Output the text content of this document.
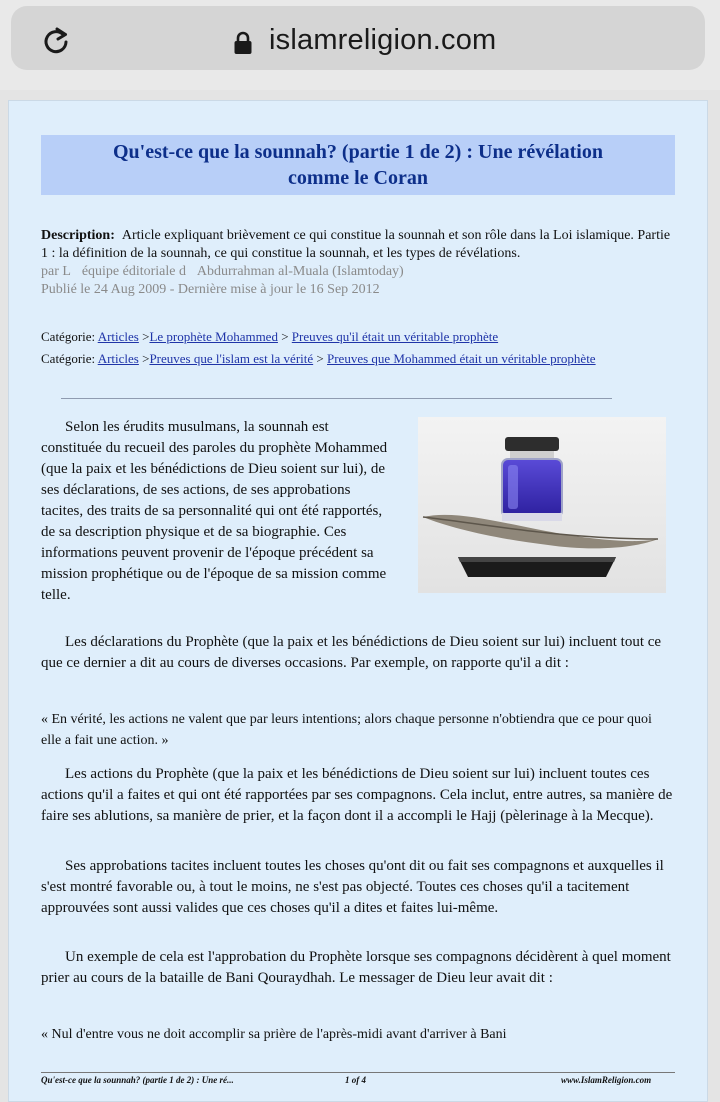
islamreligion.com
Qu'est-ce que la sounnah? (partie 1 de 2) : Une révélation
comme le Coran
Description: Article expliquant brièvement ce qui constitue la sounnah et son rôle dans la Loi islamique. Partie 1 : la définition de la sounnah, ce qui constitue la sounnah, et les types de révélations.
par L équipe éditoriale d Abdurrahman al-Muala (Islamtoday)
Publié le 24 Aug 2009 - Dernière mise à jour le 16 Sep 2012
Catégorie: Articles >Le prophète Mohammed > Preuves qu'il était un véritable prophète
Catégorie: Articles >Preuves que l'islam est la vérité > Preuves que Mohammed était un véritable prophète
Selon les érudits musulmans, la sounnah est constituée du recueil des paroles du prophète Mohammed (que la paix et les bénédictions de Dieu soient sur lui), de ses déclarations, de ses actions, de ses approbations tacites, des traits de sa personnalité qui ont été rapportés, de sa description physique et de sa biographie. Ces informations peuvent provenir de l'époque précédent sa mission prophétique ou de l'époque de sa mission comme telle.
Les déclarations du Prophète (que la paix et les bénédictions de Dieu soient sur lui) incluent tout ce que ce dernier a dit au cours de diverses occasions. Par exemple, on rapporte qu'il a dit :
« En vérité, les actions ne valent que par leurs intentions; alors chaque personne n'obtiendra que ce pour quoi elle a fait une action. »
Les actions du Prophète (que la paix et les bénédictions de Dieu soient sur lui) incluent toutes ces actions qu'il a faites et qui ont été rapportées par ses compagnons. Cela inclut, entre autres, sa manière de faire ses ablutions, sa manière de prier, et la façon dont il a accompli le Hajj (pèlerinage à la Mecque).
Ses approbations tacites incluent toutes les choses qu'ont dit ou fait ses compagnons et auxquelles il s'est montré favorable ou, à tout le moins, ne s'est pas objecté. Toutes ces choses qu'il a tacitement approuvées sont aussi valides que ces choses qu'il a dites et faites lui-même.
Un exemple de cela est l'approbation du Prophète lorsque ses compagnons décidèrent à quel moment prier au cours de la bataille de Bani Qouraydhah. Le messager de Dieu leur avait dit :
« Nul d'entre vous ne doit accomplir sa prière de l'après-midi avant d'arriver à Bani
Qu'est-ce que la sounnah? (partie 1 de 2) : Une ré...	1 of 4	www.IslamReligion.com
